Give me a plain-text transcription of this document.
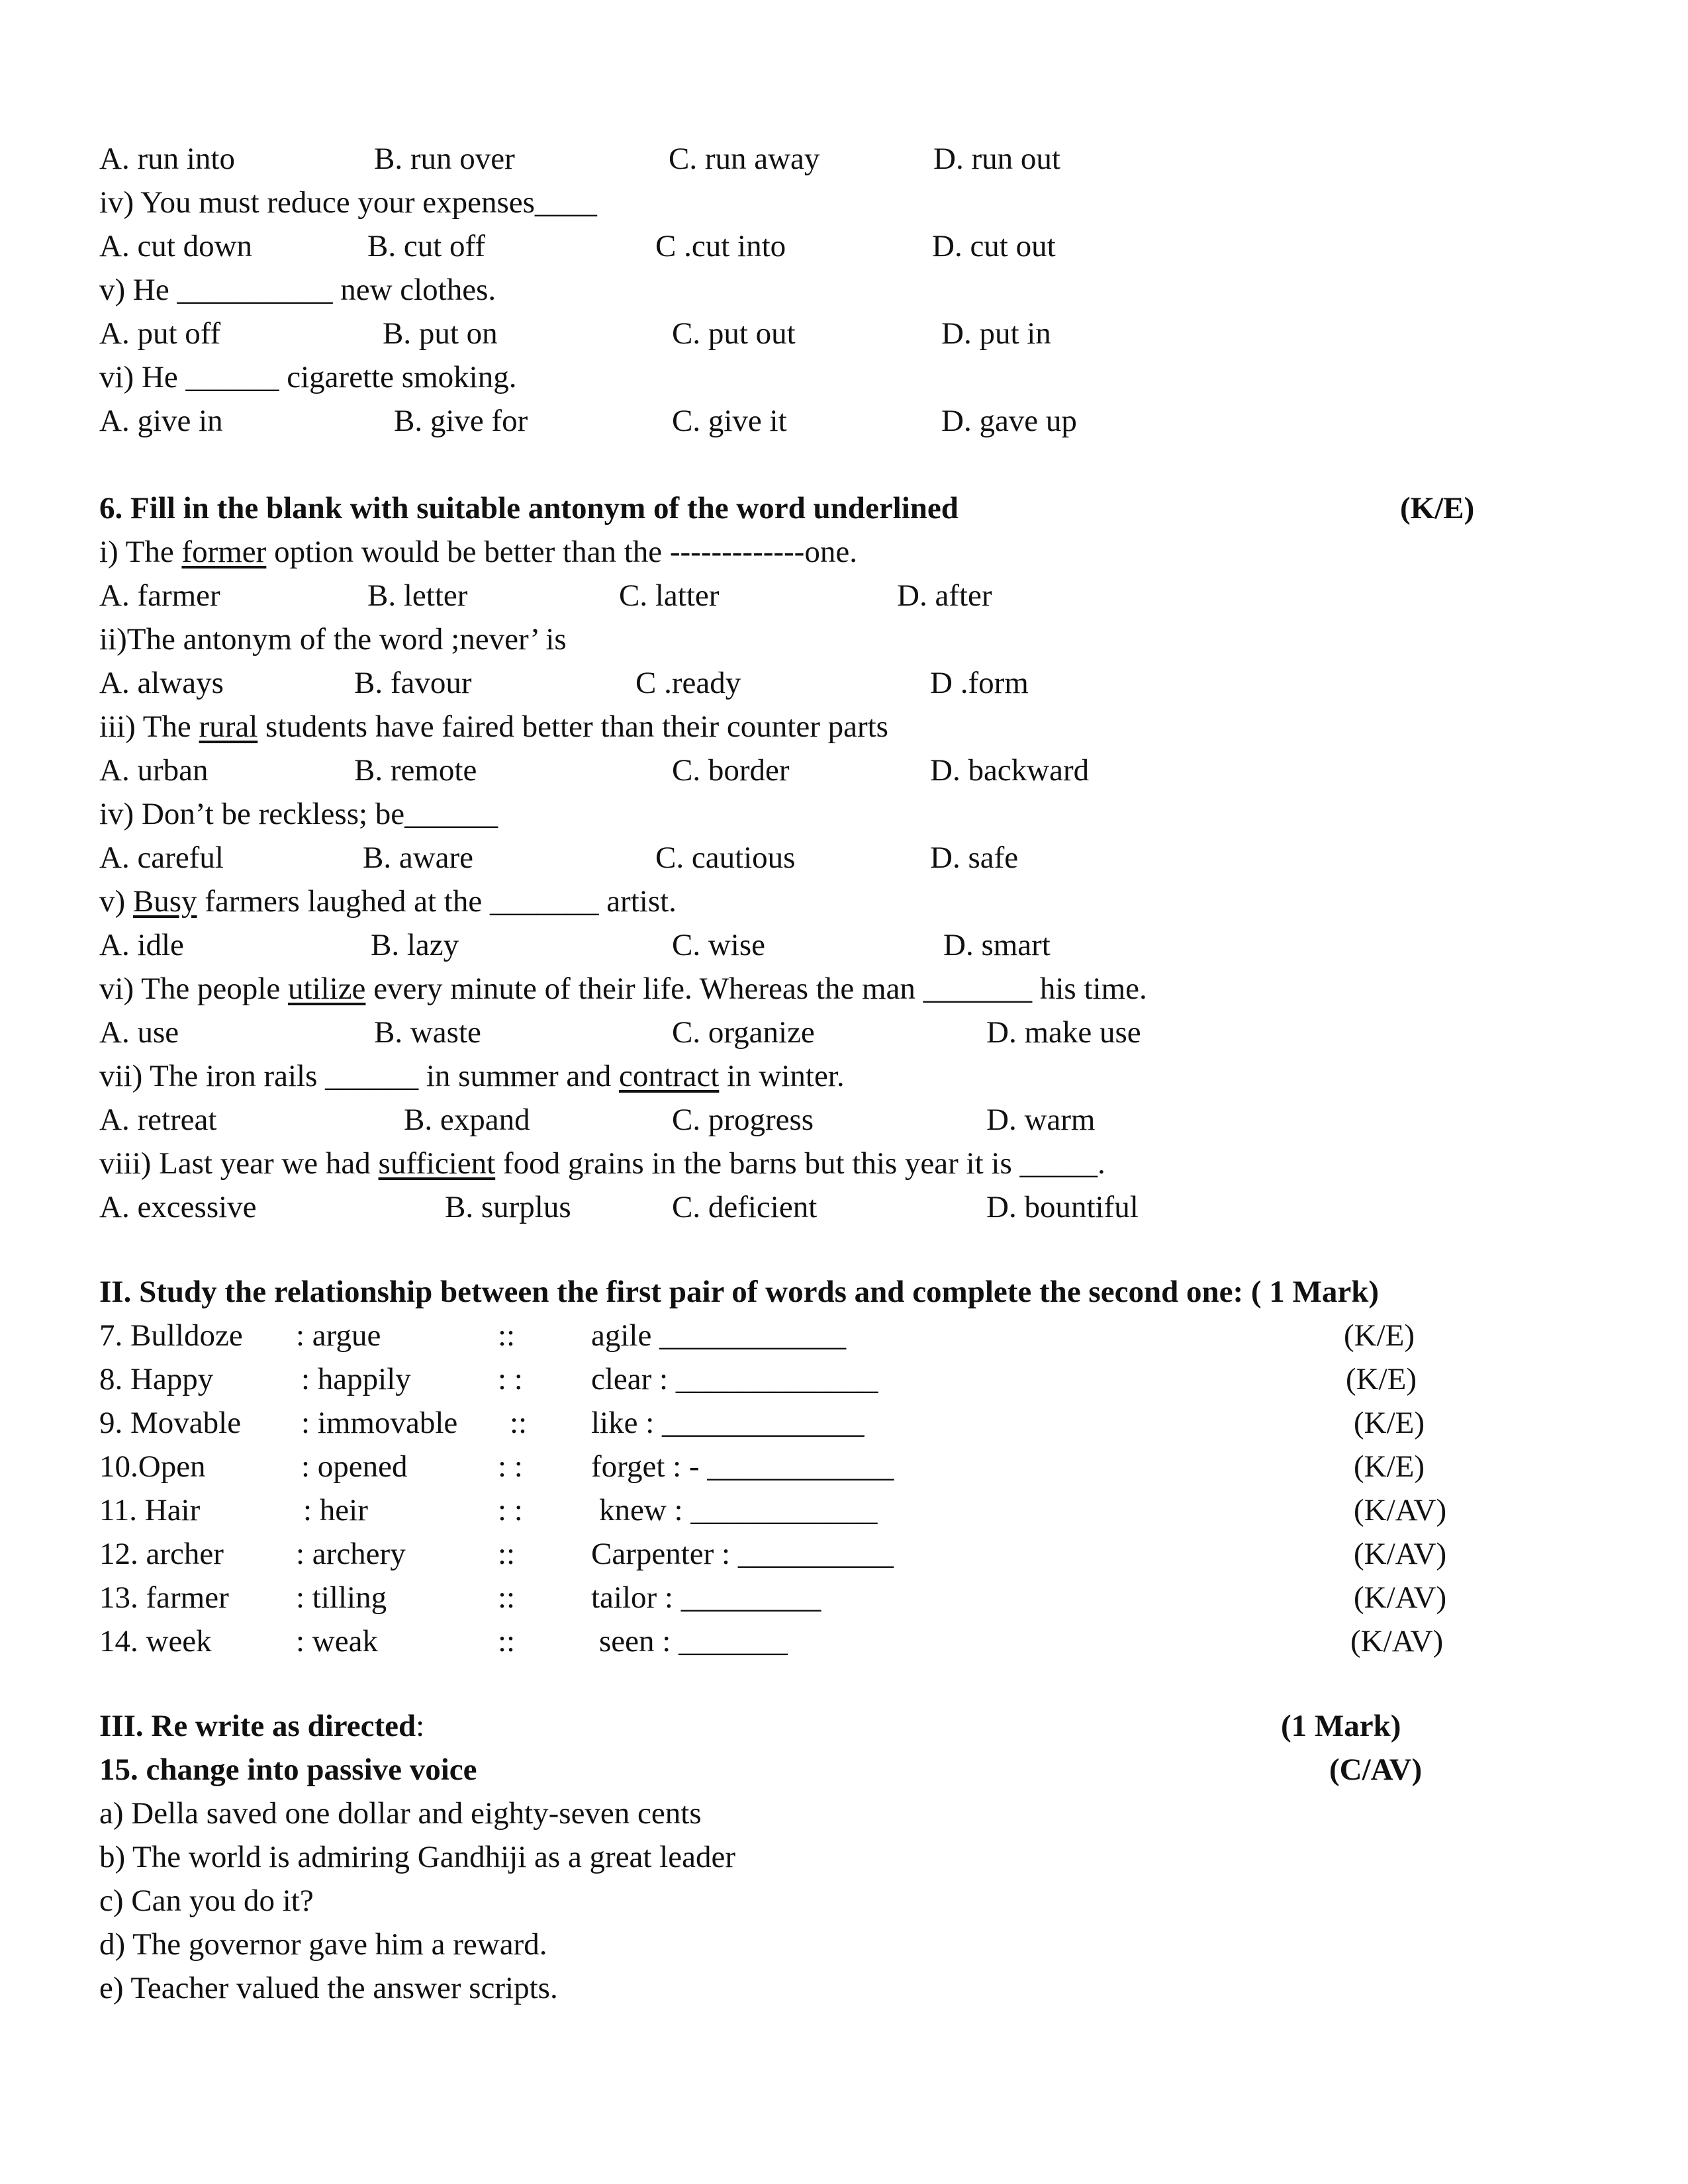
A. run into	B. run over	C. run away	D. run out
iv) You must reduce your expenses____
A. cut down	B. cut off	C .cut into	D. cut out
v) He __________ new clothes.
A. put off	B. put on	C. put out	D. put in
vi) He ______ cigarette smoking.
A. give in	B. give for	C. give it	D. gave up
6. Fill in the blank with suitable antonym of the word underlined	(K/E)
i) The former option would be better than the -------------one.
A. farmer	B. letter	C. latter	D. after
ii)The antonym of the word ;never’ is
A. always	B. favour	C .ready	D .form
iii) The rural students have faired better than their counter parts
A. urban	B. remote	C. border	D. backward
iv) Don’t be reckless; be______
A. careful	B. aware	C. cautious	D. safe
v) Busy farmers laughed at the _______ artist.
A. idle	B. lazy	C. wise	D. smart
vi) The people utilize every minute of their life. Whereas the man _______ his time.
A. use	B. waste	C. organize	D. make use
vii) The iron rails ______ in summer and contract in winter.
A. retreat	B. expand	C. progress	D. warm
viii) Last year we had sufficient food grains in the barns but this year it is _____.
A. excessive	B. surplus	C. deficient	D. bountiful
II. Study the relationship between the first pair of words and complete the second one: ( 1 Mark)
7. Bulldoze : argue	:: agile ____________	(K/E)
8. Happy	: happily	: : clear : _____________	(K/E)
9. Movable : immovable :: like : _____________	(K/E)
10.Open	: opened	: : forget : - ____________	(K/E)
11. Hair	: heir	: : knew : ____________	(K/AV)
12. archer : archery	:: Carpenter : __________	(K/AV)
13. farmer : tilling	:: tailor : _________	(K/AV)
14. week	: weak	::	seen : _______	(K/AV)
III. Re write as directed:	(1 Mark)
15. change into passive voice	(C/AV)
a) Della saved one dollar and eighty-seven cents
b) The world is admiring Gandhiji as a great leader
c) Can you do it?
d) The governor gave him a reward.
e) Teacher valued the answer scripts.
